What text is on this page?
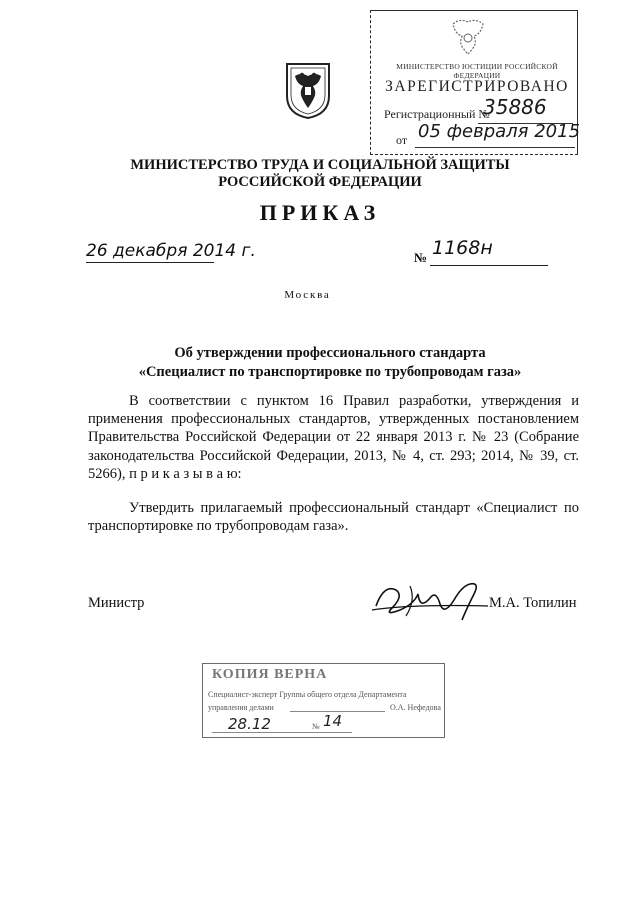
МИНИСТЕРСТВО ЮСТИЦИИ РОССИЙСКОЙ ФЕДЕРАЦИИ
ЗАРЕГИСТРИРОВАНО
Регистрационный №
35886
от 05 февраля 2015
МИНИСТЕРСТВО ТРУДА И СОЦИАЛЬНОЙ ЗАЩИТЫ
РОССИЙСКОЙ ФЕДЕРАЦИИ
ПРИКАЗ
26 декабря 2014 г.	№ 1168н
Москва
Об утверждении профессионального стандарта
«Специалист по транспортировке по трубопроводам газа»

В соответствии с пунктом 16 Правил разработки, утверждения и применения профессиональных стандартов, утвержденных постановлением Правительства Российской Федерации от 22 января 2013 г. № 23 (Собрание законодательства Российской Федерации, 2013, № 4, ст. 293; 2014, № 39, ст. 5266), п р и к а з ы в а ю:

Утвердить прилагаемый профессиональный стандарт «Специалист по транспортировке по трубопроводам газа».

Министр	М.А. Топилин
КОПИЯ ВЕРНА
Специалист-эксперт Группы общего отдела Департамента
управления делами	О.А. Нефедова
28.12	№ 14
